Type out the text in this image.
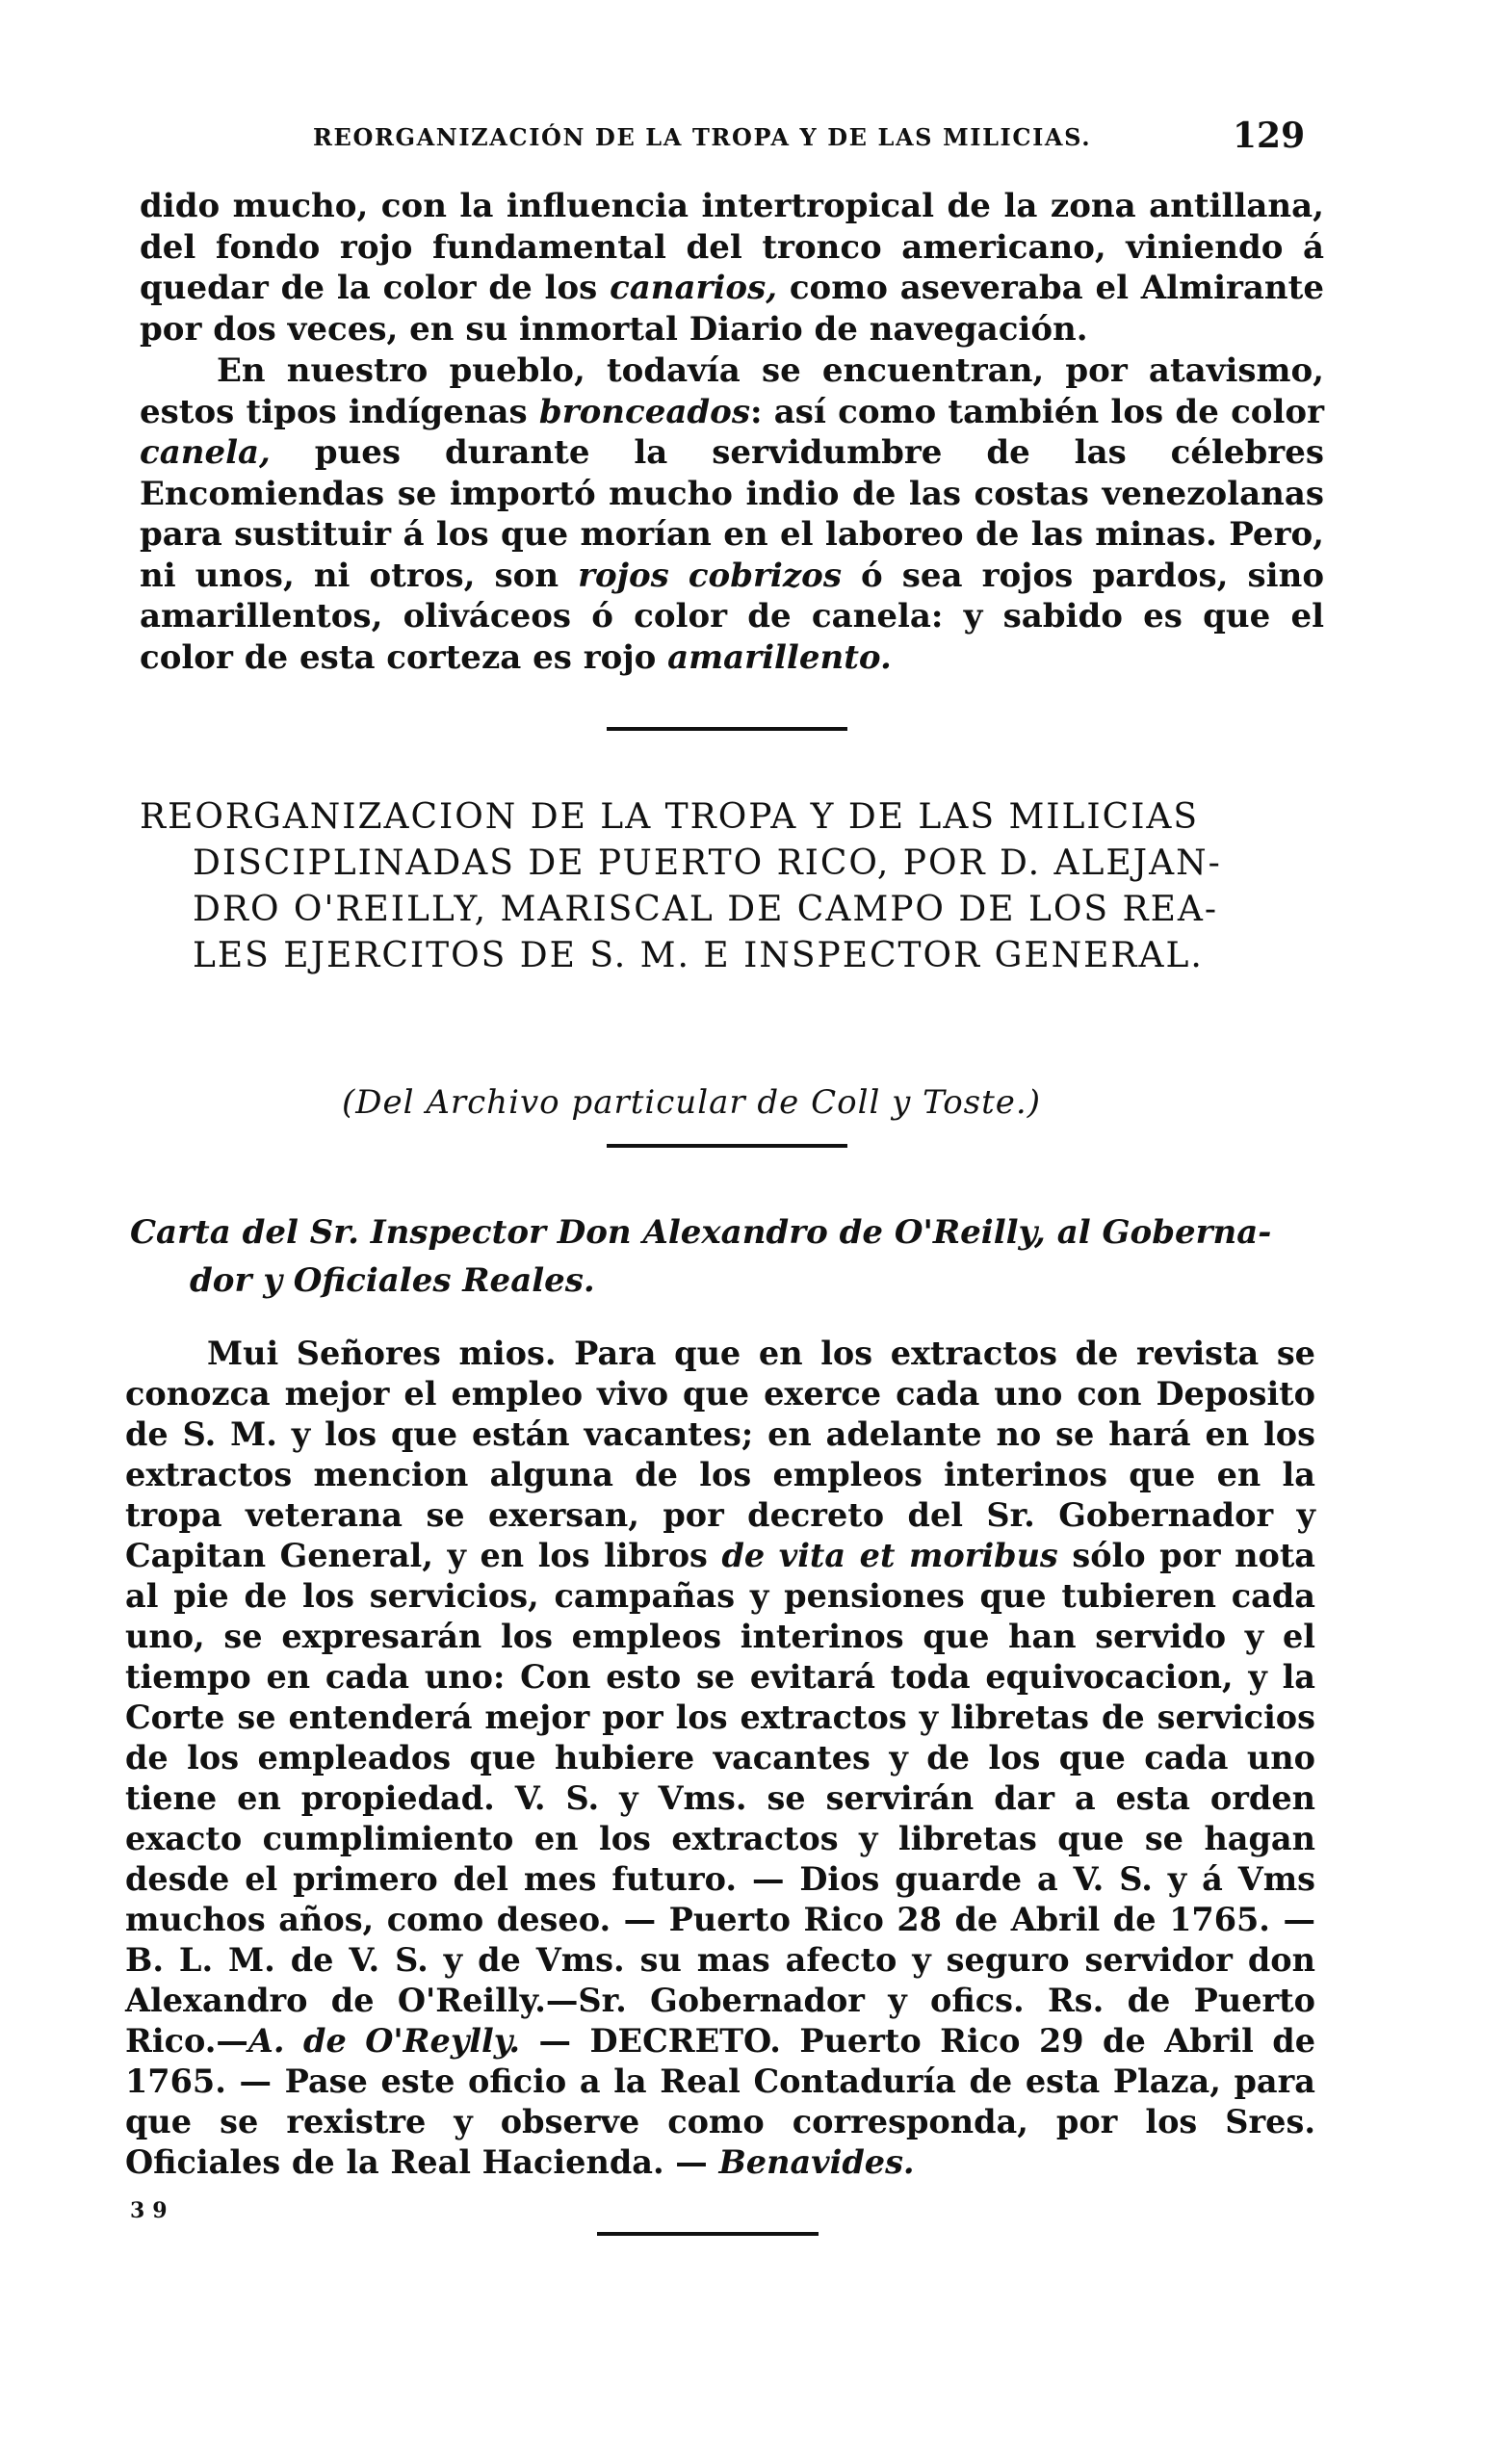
REORGANIZACIÓN DE LA TROPA Y DE LAS MILICIAS.	129

dido mucho, con la influencia intertropical de la zona antillana, del fondo rojo fundamental del tronco americano, viniendo á quedar de la color de los canarios, como aseveraba el Almirante por dos veces, en su inmortal Diario de navegación.

En nuestro pueblo, todavía se encuentran, por atavismo, estos tipos indígenas bronceados: así como también los de color canela, pues durante la servidumbre de las célebres Encomiendas se importó mucho indio de las costas venezolanas para sustituir á los que morían en el laboreo de las minas. Pero, ni unos, ni otros, son rojos cobrizos ó sea rojos pardos, sino amarillentos, oliváceos ó color de canela: y sabido es que el color de esta corteza es rojo amarillento.

REORGANIZACION DE LA TROPA Y DE LAS MILICIAS
DISCIPLINADAS DE PUERTO RICO, POR D. ALEJAN-
DRO O'REILLY, MARISCAL DE CAMPO DE LOS REA-
LES EJERCITOS DE S. M. E INSPECTOR GENERAL.
(Del Archivo particular de Coll y Toste.)
Carta del Sr. Inspector Don Alexandro de O'Reilly, al Goberna-
dor y Oficiales Reales.

Mui Señores mios. Para que en los extractos de revista se conozca mejor el empleo vivo que exerce cada uno con Deposito de S. M. y los que están vacantes; en adelante no se hará en los extractos mencion alguna de los empleos interinos que en la tropa veterana se exersan, por decreto del Sr. Gobernador y Capitan General, y en los libros de vita et moribus sólo por nota al pie de los servicios, campañas y pensiones que tubieren cada uno, se expresarán los empleos interinos que han servido y el tiempo en cada uno: Con esto se evitará toda equivocacion, y la Corte se entenderá mejor por los extractos y libretas de servicios de los empleados que hubiere vacantes y de los que cada uno tiene en propiedad. V. S. y Vms. se servirán dar a esta orden exacto cumplimiento en los extractos y libretas que se hagan desde el primero del mes futuro. — Dios guarde a V. S. y á Vms muchos años, como deseo. — Puerto Rico 28 de Abril de 1765. — B. L. M. de V. S. y de Vms. su mas afecto y seguro servidor don Alexandro de O'Reilly.—Sr. Gobernador y ofics. Rs. de Puerto Rico.—A. de O'Reylly. — DECRETO. Puerto Rico 29 de Abril de 1765. — Pase este oficio a la Real Contaduría de esta Plaza, para que se rexistre y observe como corresponda, por los Sres. Oficiales de la Real Hacienda. — Benavides.

39
